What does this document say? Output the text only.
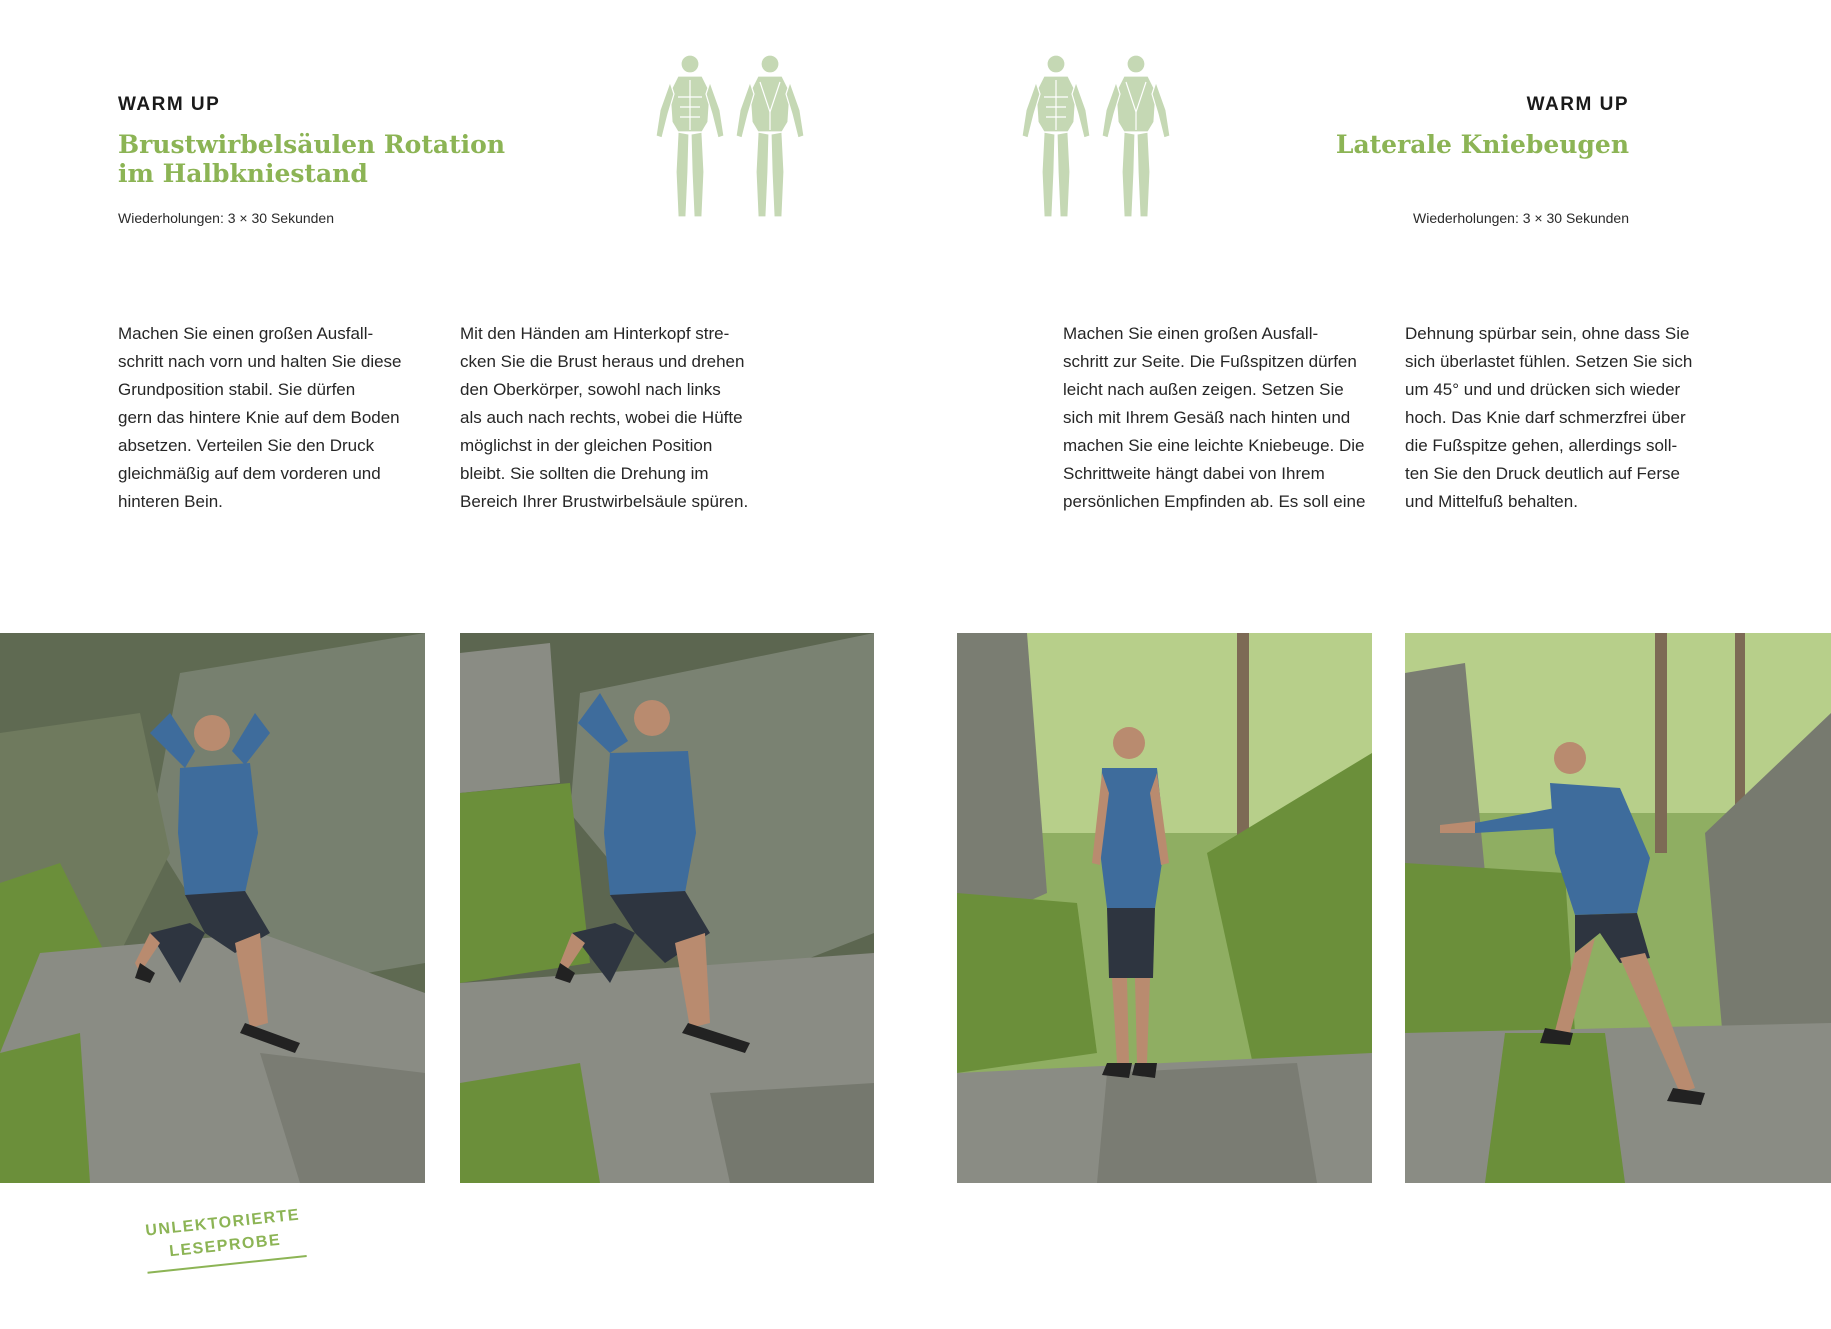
WARM UP
Brustwirbelsäulen Rotation
im Halbkniestand
Wiederholungen: 3 × 30 Sekunden
Machen Sie einen großen Ausfall-
schritt nach vorn und halten Sie diese
Grundposition stabil. Sie dürfen
gern das hintere Knie auf dem Boden
absetzen. Verteilen Sie den Druck
gleichmäßig auf dem vorderen und
hinteren Bein.
Mit den Händen am Hinterkopf stre-
cken Sie die Brust heraus und drehen
den Oberkörper, sowohl nach links
als auch nach rechts, wobei die Hüfte
möglichst in der gleichen Position
bleibt. Sie sollten die Drehung im
Bereich Ihrer Brustwirbelsäule spüren.
UNLEKTORIERTE
LESEPROBE
WARM UP
Laterale Kniebeugen
Wiederholungen: 3 × 30 Sekunden
Machen Sie einen großen Ausfall-
schritt zur Seite. Die Fußspitzen dürfen
leicht nach außen zeigen. Setzen Sie
sich mit Ihrem Gesäß nach hinten und
machen Sie eine leichte Kniebeuge. Die
Schrittweite hängt dabei von Ihrem
persönlichen Empfinden ab. Es soll eine
Dehnung spürbar sein, ohne dass Sie
sich überlastet fühlen. Setzen Sie sich
um 45° und und drücken sich wieder
hoch. Das Knie darf schmerzfrei über
die Fußspitze gehen, allerdings soll-
ten Sie den Druck deutlich auf Ferse
und Mittelfuß behalten.
